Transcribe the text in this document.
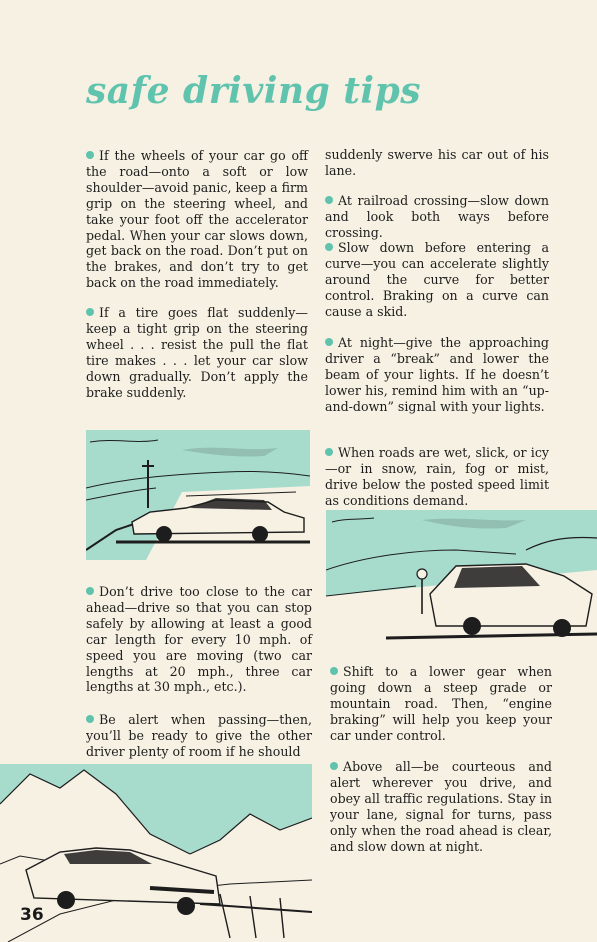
safe driving tips

If the wheels of your car go off the road—onto a soft or low shoulder—avoid panic, keep a firm grip on the steering wheel, and take your foot off the accelerator pedal. When your car slows down, get back on the road. Don’t put on the brakes, and don’t try to get back on the road immediately.

If a tire goes flat suddenly—keep a tight grip on the steering wheel . . . resist the pull the flat tire makes . . . let your car slow down gradually. Don’t apply the brake suddenly.

Don’t drive too close to the car ahead—drive so that you can stop safely by allowing at least a good car length for every 10 mph. of speed you are moving (two car lengths at 20 mph., three car lengths at 30 mph., etc.).

Be alert when passing—then, you’ll be ready to give the other driver plenty of room if he should

36

suddenly swerve his car out of his lane.

At railroad crossing—slow down and look both ways before crossing.

Slow down before entering a curve—you can accelerate slightly around the curve for better control. Braking on a curve can cause a skid.

At night—give the approaching driver a “break” and lower the beam of your lights. If he doesn’t lower his, remind him with an “up-and-down” signal with your lights.

When roads are wet, slick, or icy—or in snow, rain, fog or mist, drive below the posted speed limit as conditions demand.

Shift to a lower gear when going down a steep grade or mountain road. Then, “engine braking” will help you keep your car under control.

Above all—be courteous and alert wherever you drive, and obey all traffic regulations. Stay in your lane, signal for turns, pass only when the road ahead is clear, and slow down at night.
